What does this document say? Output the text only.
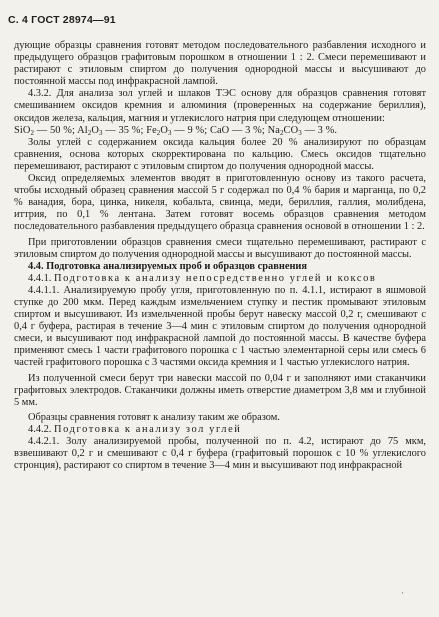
С. 4 ГОСТ 28974—91

дующие образцы сравнения готовят методом последовательного разбавления исходного и предыдущего образцов графитовым порошком в отношении 1 : 2. Смеси перемешивают и растирают с этиловым спиртом до получения однородной массы и высушивают до постоянной массы под инфракрасной лампой.

4.3.2. Для анализа зол углей и шлаков ТЭС основу для образцов сравнения готовят смешиванием оксидов кремния и алюминия (проверенных на содержание бериллия), оксидов железа, кальция, магния и углекислого натрия при следующем отношении:

SiO$_2$ — 50 %; $Al_2O_3$ — 35 %; $Fe_2O_3$ — 9 %; CaO — 3 %; $Na_2CO_3$ — 3 %.

Золы углей с содержанием оксида кальция более 20 % анализируют по образцам сравнения, основа которых скорректирована по кальцию. Смесь оксидов тщательно перемешивают, растирают с этиловым спиртом до получения однородной массы.

Оксид определяемых элементов вводят в приготовленную основу из такого расчета, чтобы исходный образец сравнения массой 5 г содержал по 0,4 % бария и марганца, по 0,2 % ванадия, бора, цинка, никеля, кобальта, свинца, меди, бериллия, галлия, молибдена, иттрия, по 0,1 % лентана. Затем готовят восемь образцов сравнения методом последовательного разбавления предыдущего образца сравнения основой в отношении 1 : 2.

При приготовлении образцов сравнения смеси тщательно перемешивают, растирают с этиловым спиртом до получения однородной массы и высушивают до постоянной массы.

4.4. Подготовка анализируемых проб и образцов сравнения

4.4.1. Подготовка к анализу непосредственно углей и коксов

4.4.1.1. Анализируемую пробу угля, приготовленную по п. 4.1.1, истирают в яшмовой ступке до 200 мкм. Перед каждым измельчением ступку и пестик промывают этиловым спиртом и высушивают. Из измельченной пробы берут навеску массой 0,2 г, смешивают с 0,4 г буфера, растирая в течение 3—4 мин с этиловым спиртом до получения однородной смеси, и высушивают под инфракрасной лампой до постоянной массы. В качестве буфера применяют смесь 1 части графитового порошка с 1 частью элементарной серы или смесь 6 частей графитового порошка с 3 частями оксида кремния и 1 частью углекислого натрия.

Из полученной смеси берут три навески массой по 0,04 г и заполняют ими стаканчики графитовых электродов. Стаканчики должны иметь отверстие диаметром 3,8 мм и глубиной 5 мм.

Образцы сравнения готовят к анализу таким же образом.

4.4.2. Подготовка к анализу зол углей

4.4.2.1. Золу анализируемой пробы, полученной по п. 4.2, истирают до 75 мкм, взвешивают 0,2 г и смешивают с 0,4 г буфера (графитовый порошок с 10 % углекислого стронция), растирают со спиртом в течение 3—4 мин и высушивают под инфракрасной

'
